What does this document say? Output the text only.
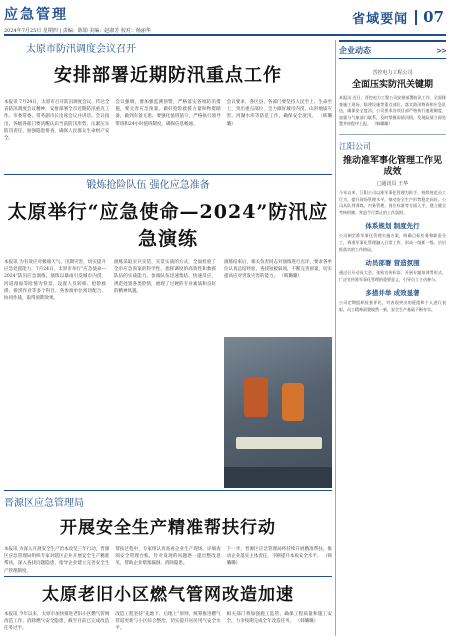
应急管理
2024年7月25日 星期四 | 责编：陈娟 美编：赵淑芳 校对：杨丽华
省域要闻	07
太原市防汛调度会议召开
安排部署近期防汛重点工作

本报讯 7月24日，太原市召开防汛调度会议，传达全省防汛调度会议精神，安排部署全市近期防汛重点工作。市委常委、常务副市长出席会议并讲话。会议指出，各级各部门要清醒认识当前防汛形势，压紧压实防汛责任，加强隐患排查，确保人民群众生命财产安全。

会议强调，要加强监测预警，严格落实各项防汛措施，要完善应急预案，做好抢险救援力量和物资储备，做到有备无患。要强化值班值守，严格执行领导带班和24小时值班制度，确保信息畅通。

会议要求，各区县、各部门要坚持人民至上、生命至上，突出重点部位，全力做好城市内涝、山洪地质灾害、河湖水库等防范工作，确保安全度汛。 （韩璐璐）

锻炼抢险队伍 强化应急准备
太原举行“应急使命—2024”防汛应急演练

本报讯 为有效应对极端天气、汛期灾害，切实提升应急处置能力，7月24日，太原市举行“应急使命—2024”防汛应急演练。演练以暴雨引发城市内涝、河道漫溢等险情为背景，设置人员转移、抢险救援、排涝作业等多个科目，各参演单位密切配合、协同作战，取得预期效果。

演练采取实兵实装、实景实战的方式，全面检验了全市应急预案的科学性、指挥调度的高效性和救援队伍的实战能力。参演队伍迅速集结、快速反应，规范处置各类险情，展现了过硬的专业素质和良好的精神风貌。

演练结束后，相关负责同志对演练进行点评，要求各单位认真总结经验，查找短板弱项，不断完善预案，切实提高应对突发灾害的能力。 （韩璐璐）

晋源区应急管理局
开展安全生产精准帮扶行动

本报讯 为深入开展安全生产治本攻坚三年行动，晋源区应急管理局组织专家对辖区企业开展安全生产精准帮扶，深入查找问题隐患，指导企业建立完善安全生产管理制度。

帮扶过程中，专家组认真查看企业生产现场，详细查阅安全管理台账，针对发现的问题逐一提出整改意见，帮助企业堵塞漏洞、消除隐患。

下一步，晋源区应急管理局将持续开展精准帮扶，推动企业落实主体责任，不断提升本质安全水平。 （韩璐璐）

太原老旧小区燃气管网改造加速

本报讯 今年以来，太原市加快推进老旧小区燃气管网改造工作，消除燃气安全隐患，截至目前已完成改造任务过半。

改造工程坚持“先地下、后地上”原则，统筹推进燃气管道更新与小区综合整治，切实提升居民用气安全水平。

相关部门将加强施工监管，确保工程质量和施工安全，力争按期完成全年改造任务。 （韩璐璐）

企业动态	>>
晋控电力工程公司
全面压实防汛关键期

本报讯 近日，晋控电力工程公司安排部署防汛工作，全面排查施工现场、临建设施等重点部位，落实防汛物资和应急队伍，确保安全度汛。公司要求各项目部严格执行值班制度，加强与气象部门联系，及时掌握雨情汛情，发现险情立即处置并按程序上报。 （韩璐璐）

江阳公司
推动准军事化管理工作见成效
□通讯员 王华

今年以来，江阳公司以准军事化管理为抓手，持续规范员工行为，提升现场管理水平，推动安全生产形势稳定向好。公司从队列训练、内务管理、岗位标准等方面入手，建立健全考核机制，营造令行禁止的工作氛围。

体系规划 制度先行

公司制定准军事化管理实施方案，明确目标任务和职责分工，将准军事化管理融入日常工作，形成一级抓一级、层层抓落实的工作格局。

动员部署 营造氛围

通过召开动员大会、张贴宣传标语、开展专题培训等形式，广泛宣传准军事化管理的重要意义，引导员工主动参与。

多措并举 成效显著

公司定期组织检查评比，对表现突出的班组和个人进行表彰，员工精神面貌焕然一新，安全生产基础不断夯实。
